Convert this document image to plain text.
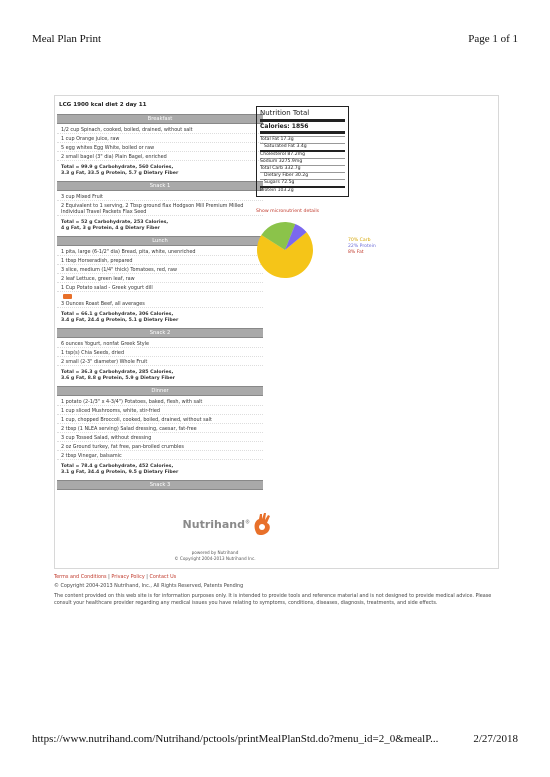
Meal Plan Print	Page 1 of 1
LCG 1900 kcal diet 2 day 11
Breakfast
1/2 cup Spinach, cooked, boiled, drained, without salt
1 cup Orange juice, raw
5 egg whites Egg White, boiled or raw
2 small bagel (3" dia) Plain Bagel, enriched
Total = 99.9 g Carbohydrate, 560 Calories,
3.3 g Fat, 33.5 g Protein, 5.7 g Dietary Fiber
Snack 1
3 cup Mixed Fruit
2 Equivalent to 1 serving, 2 Tbsp ground flax Hodgson Mill Premium Milled Individual Travel Packets Flax Seed
Total = 52 g Carbohydrate, 253 Calories,
4 g Fat, 3 g Protein, 4 g Dietary Fiber
Lunch
1 pita, large (6-1/2" dia) Bread, pita, white, unenriched
1 tbsp Horseradish, prepared
3 slice, medium (1/4" thick) Tomatoes, red, raw
2 leaf Lettuce, green leaf, raw
1 Cup Potato salad - Greek yogurt dill
3 Ounces Roast Beef, all averages
Total = 66.1 g Carbohydrate, 306 Calories,
3.4 g Fat, 24.4 g Protein, 5.1 g Dietary Fiber
Snack 2
6 ounces Yogurt, nonfat Greek Style
1 tsp(s) Chia Seeds, dried
2 small (2-3" diameter) Whole Fruit
Total = 36.3 g Carbohydrate, 285 Calories,
3.6 g Fat, 8.8 g Protein, 5.9 g Dietary Fiber
Dinner
1 potato (2-1/3" x 4-3/4") Potatoes, baked, flesh, with salt
1 cup sliced Mushrooms, white, stir-fried
1 cup, chopped Broccoli, cooked, boiled, drained, without salt
2 tbsp (1 NLEA serving) Salad dressing, caesar, fat-free
3 cup Tossed Salad, without dressing
2 oz Ground turkey, fat free, pan-broiled crumbles
2 tbsp Vinegar, balsamic
Total = 78.4 g Carbohydrate, 452 Calories,
3.1 g Fat, 34.4 g Protein, 9.5 g Dietary Fiber
Snack 3
Nutrition Total
Calories: 1856
Total Fat 17.3g
Saturated Fat 3.4g
Cholesterol 87.2mg
Sodium 3275.9mg
Total Carb 332.7g
Dietary Fiber 30.2g
Sugars 72.5g
Protein 103.2g
Show micronutrient details
70% Carb
22% Protein
8% Fat
Nutrihand®
powered by Nutrihand
© Copyright 2004-2013 Nutrihand Inc.
Terms and Conditions | Privacy Policy | Contact Us
© Copyright 2004-2013 Nutrihand, Inc., All Rights Reserved, Patents Pending
The content provided on this web site is for information purposes only. It is intended to provide tools and reference material and is not designed to provide medical advice. Please consult your healthcare provider regarding any medical issues you have relating to symptoms, conditions, diseases, diagnosis, treatments, and side effects.
https://www.nutrihand.com/Nutrihand/pctools/printMealPlanStd.do?menu_id=2_0&mealP...	2/27/2018
